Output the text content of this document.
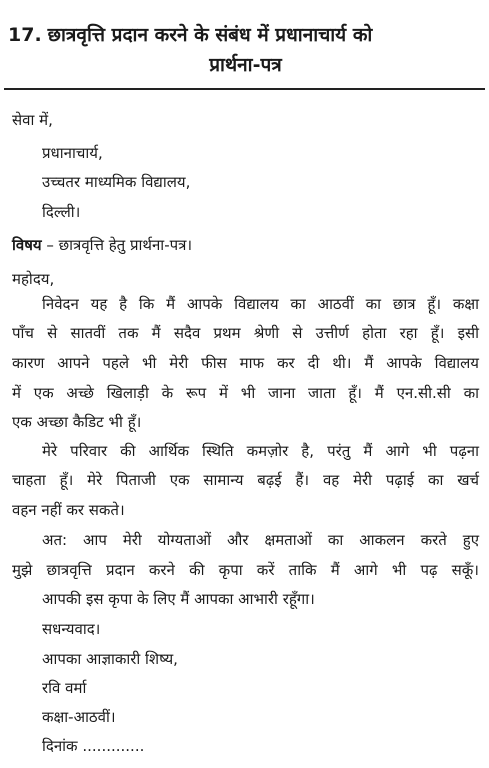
17. छात्रवृत्ति प्रदान करने के संबंध में प्रधानाचार्य को
प्रार्थना-पत्र
सेवा में,
प्रधानाचार्य,
उच्चतर माध्यमिक विद्यालय,
दिल्ली।
विषय – छात्रवृत्ति हेतु प्रार्थना-पत्र।
महोदय,
निवेदन यह है कि मैं आपके विद्यालय का आठवीं का छात्र हूँ। कक्षा
पाँच से सातवीं तक मैं सदैव प्रथम श्रेणी से उत्तीर्ण होता रहा हूँ। इसी
कारण आपने पहले भी मेरी फीस माफ कर दी थी। मैं आपके विद्यालय
में एक अच्छे खिलाड़ी के रूप में भी जाना जाता हूँ। मैं एन.सी.सी का
एक अच्छा कैडिट भी हूँ।
मेरे परिवार की आर्थिक स्थिति कमज़ोर है, परंतु मैं आगे भी पढ़ना
चाहता हूँ। मेरे पिताजी एक सामान्य बढ़ई हैं। वह मेरी पढ़ाई का खर्च
वहन नहीं कर सकते।
अत: आप मेरी योग्यताओं और क्षमताओं का आकलन करते हुए
मुझे छात्रवृत्ति प्रदान करने की कृपा करें ताकि मैं आगे भी पढ़ सकूँ।
आपकी इस कृपा के लिए मैं आपका आभारी रहूँगा।
सधन्यवाद।
आपका आज्ञाकारी शिष्य,
रवि वर्मा
कक्षा-आठवीं।
दिनांक .............
